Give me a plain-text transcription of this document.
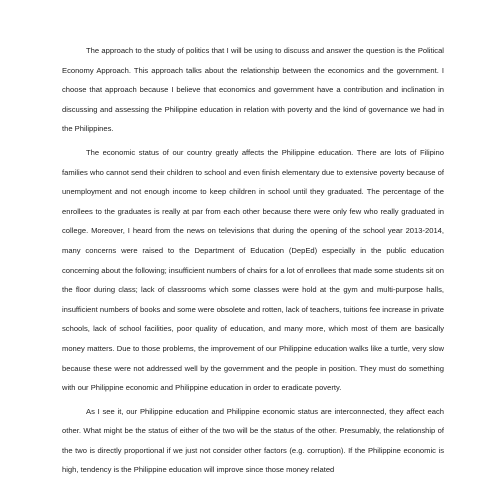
The approach to the study of politics that I will be using to discuss and answer the question is the Political Economy Approach. This approach talks about the relationship between the economics and the government. I choose that approach because I believe that economics and government have a contribution and inclination in discussing and assessing the Philippine education in relation with poverty and the kind of governance we had in the Philippines.

The economic status of our country greatly affects the Philippine education. There are lots of Filipino families who cannot send their children to school and even finish elementary due to extensive poverty because of unemployment and not enough income to keep children in school until they graduated. The percentage of the enrollees to the graduates is really at par from each other because there were only few who really graduated in college. Moreover, I heard from the news on televisions that during the opening of the school year 2013-2014, many concerns were raised to the Department of Education (DepEd) especially in the public education concerning about the following; insufficient numbers of chairs for a lot of enrollees that made some students sit on the floor during class; lack of classrooms which some classes were hold at the gym and multi-purpose halls, insufficient numbers of books and some were obsolete and rotten, lack of teachers, tuitions fee increase in private schools, lack of school facilities, poor quality of education, and many more, which most of them are basically money matters. Due to those problems, the improvement of our Philippine education walks like a turtle, very slow because these were not addressed well by the government and the people in position. They must do something with our Philippine economic and Philippine education in order to eradicate poverty.

As I see it, our Philippine education and Philippine economic status are interconnected, they affect each other. What might be the status of either of the two will be the status of the other. Presumably, the relationship of the two is directly proportional if we just not consider other factors (e.g. corruption). If the Philippine economic is high, tendency is the Philippine education will improve since those money related
